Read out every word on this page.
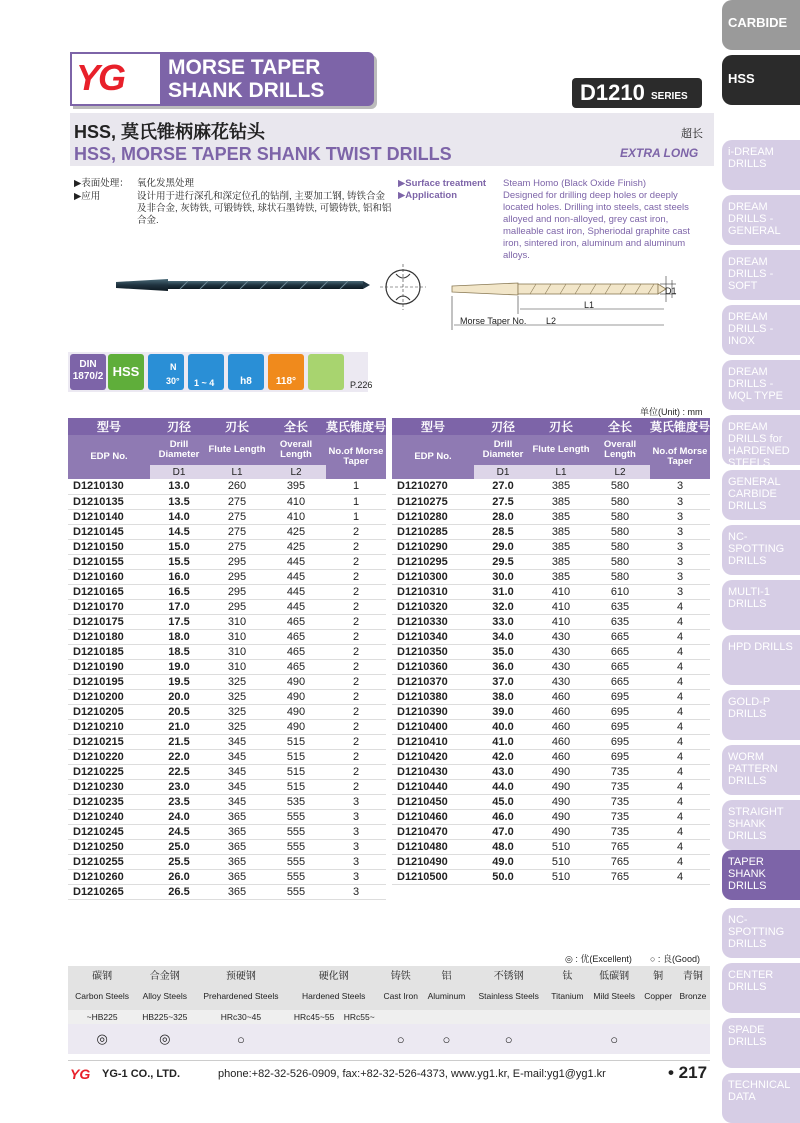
CARBIDE
HSS
i-DREAM DRILLS
DREAM DRILLS -GENERAL
DREAM DRILLS -SOFT
DREAM DRILLS -INOX
DREAM DRILLS -MQL TYPE
DREAM DRILLS for HARDENED STEELS
GENERAL CARBIDE DRILLS
NC-SPOTTING DRILLS
MULTI-1 DRILLS
HPD DRILLS
GOLD-P DRILLS
WORM PATTERN DRILLS
STRAIGHT SHANK DRILLS
TAPER SHANK DRILLS
NC-SPOTTING DRILLS
CENTER DRILLS
SPADE DRILLS
TECHNICAL DATA
YG MORSE TAPER
SHANK DRILLS	D1210 SERIES
HSS, 莫氏锥柄麻花钻头
HSS, MORSE TAPER SHANK TWIST DRILLS
超长
EXTRA LONG
▶表面处理： 氧化发黑处理
▶应用	设计用于进行深孔和深定位孔的钻削, 主要加工钢, 铸铁合金及非合金, 灰铸铁, 可锻铸铁, 球状石墨铸铁, 可锻铸铁, 铝和铝合金.
▶Surface treatment Steam Homo (Black Oxide Finish)
▶Application	Designed for drilling deep holes or deeply located holes. Drilling into steels, cast steels alloyed and non-alloyed, grey cast iron, malleable cast iron, Spheriodal graphite cast iron, sintered iron, aluminum and aluminum alloys.
D1
L1
L2
Morse Taper No.
DIN 1870/2 HSS	N
30° 1 ~ 4	h8	118°	P.226
单位(Unit) : mm
型号	刃径	刃长	全长	莫氏锥度号
EDP No.	Drill Diameter	Flute Length	Overall Length	No.of Morse Taper
	D1	L1	L2	
D1210130	13.0	260	395	1
D1210135	13.5	275	410	1
D1210140	14.0	275	410	1
D1210145	14.5	275	425	2
D1210150	15.0	275	425	2
D1210155	15.5	295	445	2
D1210160	16.0	295	445	2
D1210165	16.5	295	445	2
D1210170	17.0	295	445	2
D1210175	17.5	310	465	2
D1210180	18.0	310	465	2
D1210185	18.5	310	465	2
D1210190	19.0	310	465	2
D1210195	19.5	325	490	2
D1210200	20.0	325	490	2
D1210205	20.5	325	490	2
D1210210	21.0	325	490	2
D1210215	21.5	345	515	2
D1210220	22.0	345	515	2
D1210225	22.5	345	515	2
D1210230	23.0	345	515	2
D1210235	23.5	345	535	3
D1210240	24.0	365	555	3
D1210245	24.5	365	555	3
D1210250	25.0	365	555	3
D1210255	25.5	365	555	3
D1210260	26.0	365	555	3
D1210265	26.5	365	555	3
型号	刃径	刃长	全长	莫氏锥度号
EDP No.	Drill Diameter	Flute Length	Overall Length	No.of Morse Taper
	D1	L1	L2	
D1210270	27.0	385	580	3
D1210275	27.5	385	580	3
D1210280	28.0	385	580	3
D1210285	28.5	385	580	3
D1210290	29.0	385	580	3
D1210295	29.5	385	580	3
D1210300	30.0	385	580	3
D1210310	31.0	410	610	3
D1210320	32.0	410	635	4
D1210330	33.0	410	635	4
D1210340	34.0	430	665	4
D1210350	35.0	430	665	4
D1210360	36.0	430	665	4
D1210370	37.0	430	665	4
D1210380	38.0	460	695	4
D1210390	39.0	460	695	4
D1210400	40.0	460	695	4
D1210410	41.0	460	695	4
D1210420	42.0	460	695	4
D1210430	43.0	490	735	4
D1210440	44.0	490	735	4
D1210450	45.0	490	735	4
D1210460	46.0	490	735	4
D1210470	47.0	490	735	4
D1210480	48.0	510	765	4
D1210490	49.0	510	765	4
D1210500	50.0	510	765	4
◎ : 优(Excellent) ○ : 良(Good)
碳钢	合金钢	预硬钢	硬化钢		铸铁	铝	不锈钢	钛	低碳钢	铜	青铜
Carbon Steels	Alloy Steels	Prehardened Steels	Hardened Steels		Cast Iron	Aluminum	Stainless Steels	Titanium	Mild Steels	Copper	Bronze
~HB225	HB225~325	HRc30~45	HRc45~55	HRc55~							
◎	◎	○			○	○	○		○		
YG YG-1 CO., LTD.	phone:+82-32-526-0909, fax:+82-32-526-4373, www.yg1.kr, E-mail:yg1@yg1.kr	• 217
